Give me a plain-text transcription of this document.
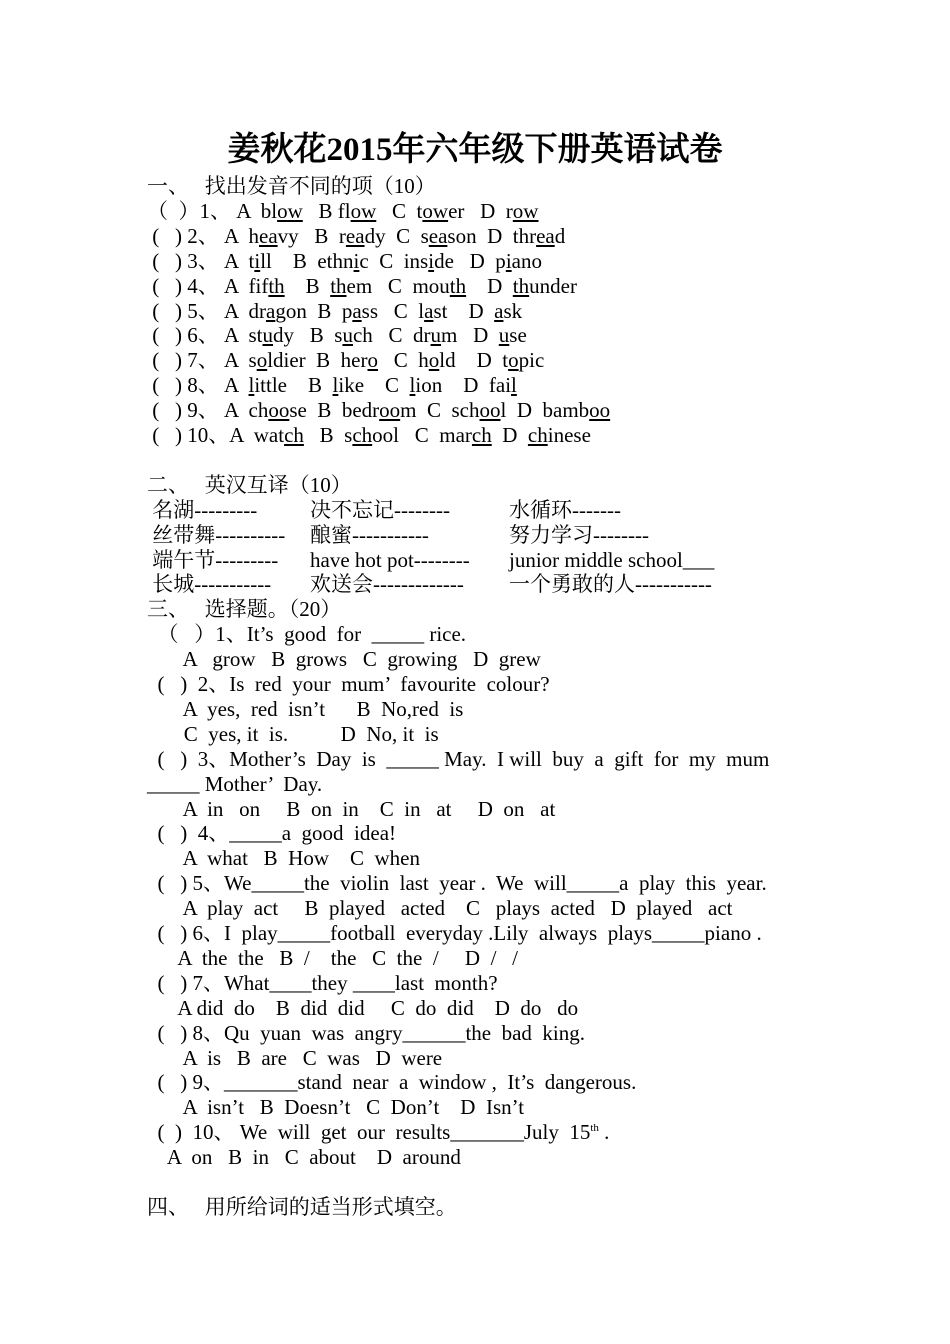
姜秋花2015年六年级下册英语试卷
一、   找出发音不同的项（10）
（  ）1、 A  blow   B flow   C  tower   D  row
(   ) 2、 A  heavy   B  ready  C  season  D  thread
(   ) 3、 A  till    B  ethnic  C  inside   D  piano
(   ) 4、 A  fifth    B  them   C  mouth    D  thunder
(   ) 5、 A  dragon  B  pass   C  last    D  ask
(   ) 6、 A  study   B  such   C  drum   D  use
(   ) 7、 A  soldier  B  hero   C  hold    D  topic
(   ) 8、 A  little    B  like    C  lion    D  fail
(   ) 9、 A  choose  B  bedroom  C  school  D  bamboo
(   ) 10、A  watch   B  school   C  march  D  chinese
二、   英汉互译（10）
名湖---------	决不忘记--------	水循环-------
丝带舞---------- 酿蜜-----------	努力学习--------
端午节--------- have hot pot-------- junior middle school___
长城----------- 欢送会------------- 一个勇敢的人-----------
三、   选择题。（20）
（   ）1、It’s  good  for  _____ rice.
A   grow   B  grows   C  growing   D  grew
(   )  2、Is  red  your  mum’  favourite  colour?
A  yes,  red  isn’t      B  No,red  is
C  yes, it  is.          D  No, it  is
(   )  3、Mother’s  Day  is  _____ May.  I will  buy  a  gift  for  my  mum
_____ Mother’  Day.
A  in   on     B  on  in    C  in   at     D  on   at
(   )  4、_____a  good  idea!
A  what   B  How    C  when
(   ) 5、We_____the  violin  last  year .  We  will_____a  play  this  year.
A  play  act     B  played   acted    C   plays  acted   D  played   act
(   ) 6、I  play_____football  everyday .Lily  always  plays_____piano .
A  the  the   B  /    the   C  the  /     D  /   /
(   ) 7、What____they ____last  month?
A did  do    B  did  did     C  do  did    D  do   do
(   ) 8、Qu  yuan  was  angry______the  bad  king.
A  is   B  are   C  was   D  were
(   ) 9、_______stand  near  a  window ,  It’s  dangerous.
A  isn’t   B  Doesn’t   C  Don’t    D  Isn’t
(  )  10、 We  will  get  our  results_______July  15th .
A  on   B  in   C  about    D  around
四、   用所给词的适当形式填空。
